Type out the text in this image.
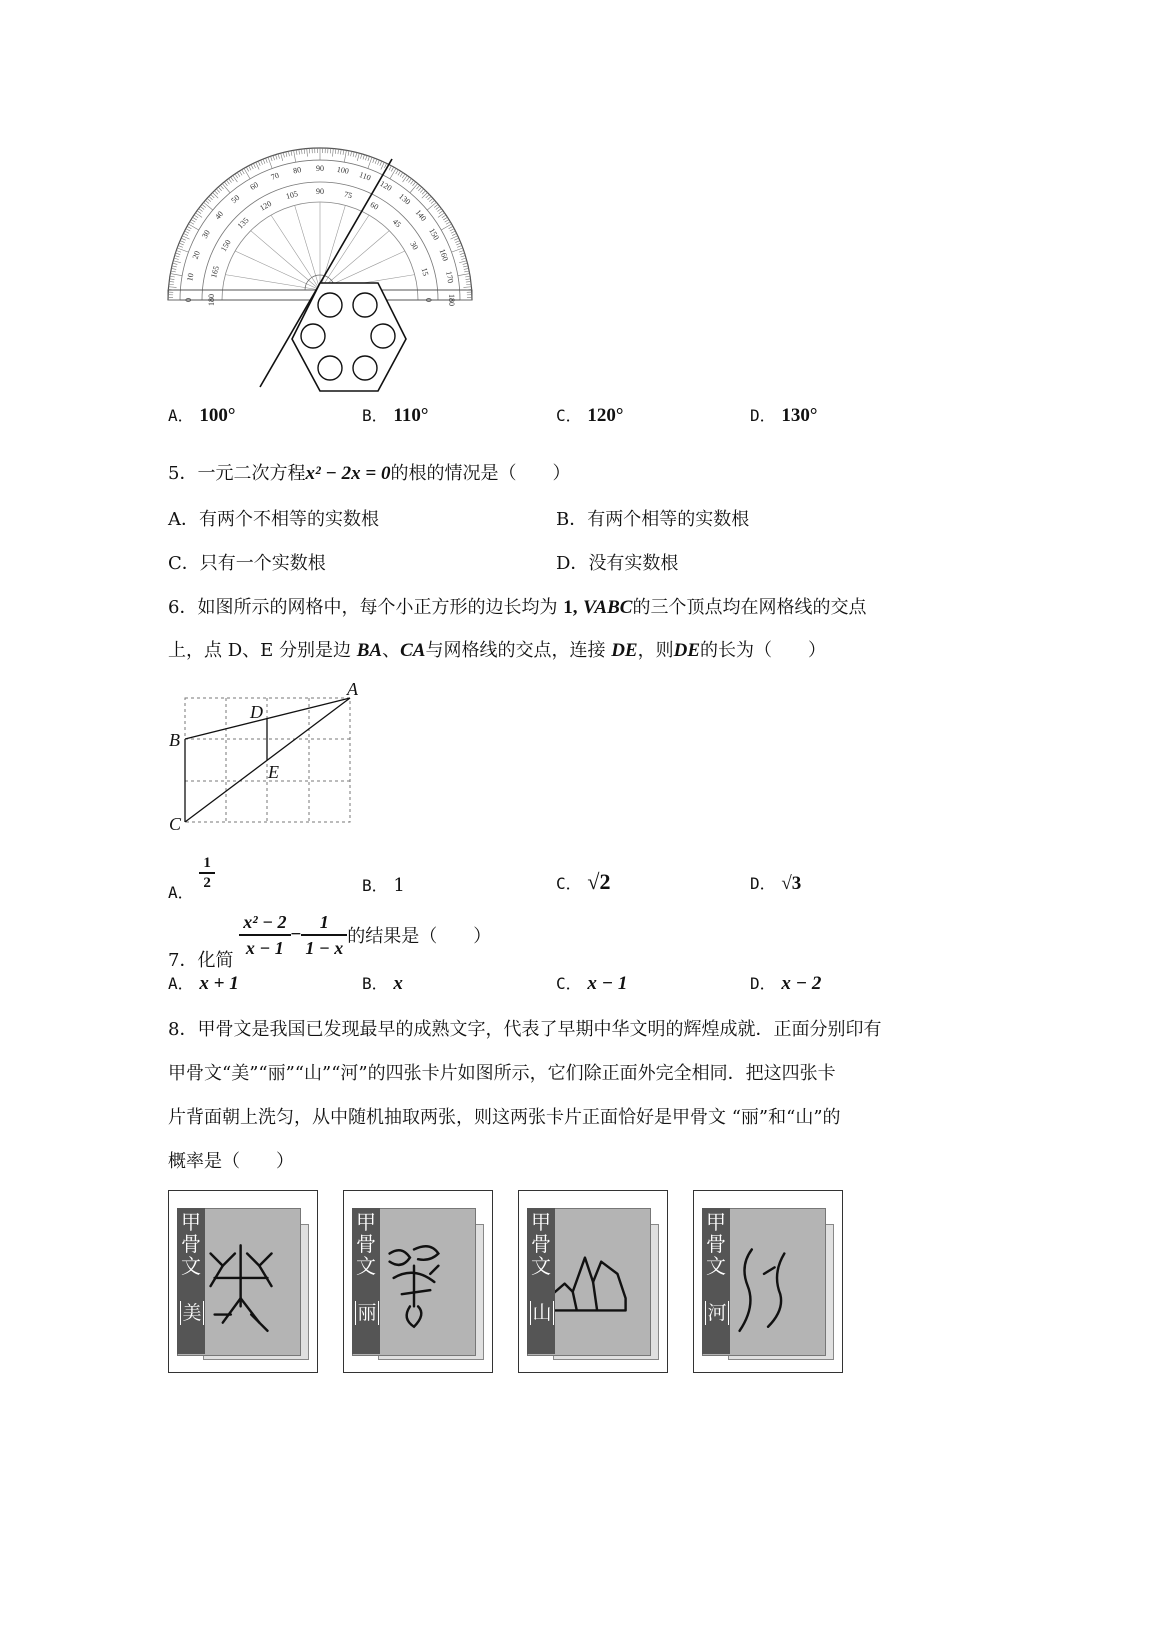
0
10
20
30
40
50
60
70
80 90 100 110
120
130
140
150
160
170
180
180
165
150
135
120
105 90 75
60
45
30
15
0
A． 100°	B． 110°	C． 120°	D． 130°
5．一元二次方程x² − 2x = 0的根的情况是（　　）
A．有两个不相等的实数根	B．有两个相等的实数根
C．只有一个实数根	D．没有实数根
6．如图所示的网格中，每个小正方形的边长均为 1, VABC的三个顶点均在网格线的交点
上，点 D、E 分别是边 BA、CA与网格线的交点，连接 DE，则DE的长为（　　）
A
B
C
D
E
A．
$\frac{1}{2}$	B． 1	C． √2	D． √3
7．化简
$\frac{\text{x² − 2}}{x - 1} - \frac{1}{1 - x}$ 的结果是（　　）
A． x + 1	B． x	C． x − 1	D． x − 2
8．甲骨文是我国已发现最早的成熟文字，代表了早期中华文明的辉煌成就．正面分别印有
甲骨文“美”“丽”“山”“河”的四张卡片如图所示，它们除正面外完全相同．把这四张卡
片背面朝上洗匀，从中随机抽取两张，则这两张卡片正面恰好是甲骨文 “丽”和“山”的
概率是（　　）
甲骨文
美
甲骨文
丽
甲骨文
山
甲骨文
河
